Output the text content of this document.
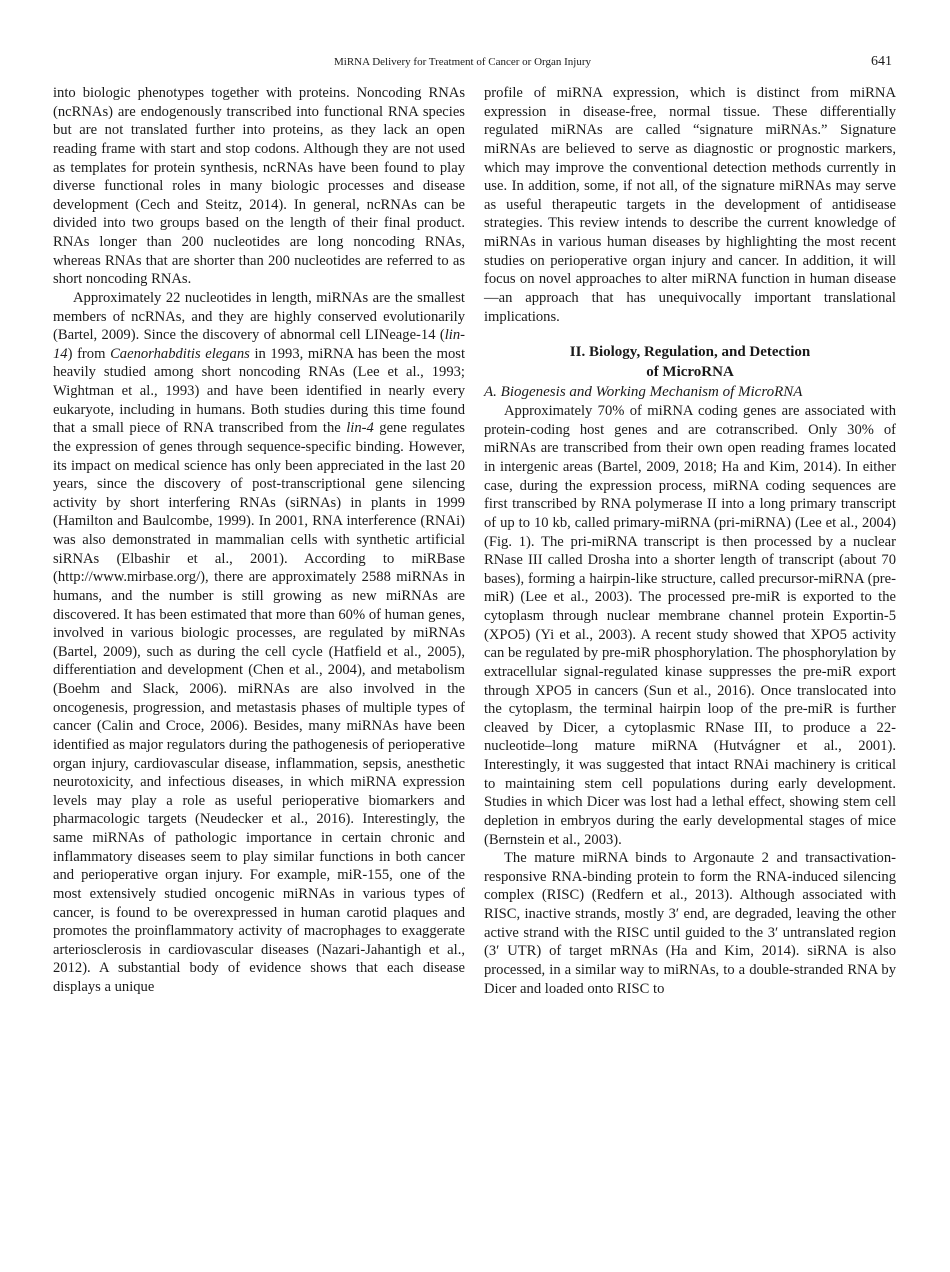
MiRNA Delivery for Treatment of Cancer or Organ Injury	641

into biologic phenotypes together with proteins. Noncoding RNAs (ncRNAs) are endogenously transcribed into functional RNA species but are not translated further into proteins, as they lack an open reading frame with start and stop codons. Although they are not used as templates for protein synthesis, ncRNAs have been found to play diverse functional roles in many biologic processes and disease development (Cech and Steitz, 2014). In general, ncRNAs can be divided into two groups based on the length of their final product. RNAs longer than 200 nucleotides are long noncoding RNAs, whereas RNAs that are shorter than 200 nucleotides are referred to as short noncoding RNAs.

Approximately 22 nucleotides in length, miRNAs are the smallest members of ncRNAs, and they are highly conserved evolutionarily (Bartel, 2009). Since the discovery of abnormal cell LINeage-14 (lin-14) from Caenorhabditis elegans in 1993, miRNA has been the most heavily studied among short noncoding RNAs (Lee et al., 1993; Wightman et al., 1993) and have been identified in nearly every eukaryote, including in humans. Both studies during this time found that a small piece of RNA transcribed from the lin-4 gene regulates the expression of genes through sequence-specific binding. However, its impact on medical science has only been appreciated in the last 20 years, since the discovery of post-transcriptional gene silencing activity by short interfering RNAs (siRNAs) in plants in 1999 (Hamilton and Baulcombe, 1999). In 2001, RNA interference (RNAi) was also demonstrated in mammalian cells with synthetic artificial siRNAs (Elbashir et al., 2001). According to miRBase (http://www.mirbase.org/), there are approximately 2588 miRNAs in humans, and the number is still growing as new miRNAs are discovered. It has been estimated that more than 60% of human genes, involved in various biologic processes, are regulated by miRNAs (Bartel, 2009), such as during the cell cycle (Hatfield et al., 2005), differentiation and development (Chen et al., 2004), and metabolism (Boehm and Slack, 2006). miRNAs are also involved in the oncogenesis, progression, and metastasis phases of multiple types of cancer (Calin and Croce, 2006). Besides, many miRNAs have been identified as major regulators during the pathogenesis of perioperative organ injury, cardiovascular disease, inflammation, sepsis, anesthetic neurotoxicity, and infectious diseases, in which miRNA expression levels may play a role as useful perioperative biomarkers and pharmacologic targets (Neudecker et al., 2016). Interestingly, the same miRNAs of pathologic importance in certain chronic and inflammatory diseases seem to play similar functions in both cancer and perioperative organ injury. For example, miR-155, one of the most extensively studied oncogenic miRNAs in various types of cancer, is found to be overexpressed in human carotid plaques and promotes the proinflammatory activity of macrophages to exaggerate arteriosclerosis in cardiovascular diseases (Nazari-Jahantigh et al., 2012). A substantial body of evidence shows that each disease displays a unique

profile of miRNA expression, which is distinct from miRNA expression in disease-free, normal tissue. These differentially regulated miRNAs are called “signature miRNAs.” Signature miRNAs are believed to serve as diagnostic or prognostic markers, which may improve the conventional detection methods currently in use. In addition, some, if not all, of the signature miRNAs may serve as useful therapeutic targets in the development of antidisease strategies. This review intends to describe the current knowledge of miRNAs in various human diseases by highlighting the most recent studies on perioperative organ injury and cancer. In addition, it will focus on novel approaches to alter miRNA function in human disease—an approach that has unequivocally important translational implications.

II. Biology, Regulation, and Detection
of MicroRNA

A. Biogenesis and Working Mechanism of MicroRNA

Approximately 70% of miRNA coding genes are associated with protein-coding host genes and are cotranscribed. Only 30% of miRNAs are transcribed from their own open reading frames located in intergenic areas (Bartel, 2009, 2018; Ha and Kim, 2014). In either case, during the expression process, miRNA coding sequences are first transcribed by RNA polymerase II into a long primary transcript of up to 10 kb, called primary-miRNA (pri-miRNA) (Lee et al., 2004) (Fig. 1). The pri-miRNA transcript is then processed by a nuclear RNase III called Drosha into a shorter length of transcript (about 70 bases), forming a hairpin-like structure, called precursor-miRNA (pre-miR) (Lee et al., 2003). The processed pre-miR is exported to the cytoplasm through nuclear membrane channel protein Exportin-5 (XPO5) (Yi et al., 2003). A recent study showed that XPO5 activity can be regulated by pre-miR phosphorylation. The phosphorylation by extracellular signal-regulated kinase suppresses the pre-miR export through XPO5 in cancers (Sun et al., 2016). Once translocated into the cytoplasm, the terminal hairpin loop of the pre-miR is further cleaved by Dicer, a cytoplasmic RNase III, to produce a 22-nucleotide–long mature miRNA (Hutvágner et al., 2001). Interestingly, it was suggested that intact RNAi machinery is critical to maintaining stem cell populations during early development. Studies in which Dicer was lost had a lethal effect, showing stem cell depletion in embryos during the early developmental stages of mice (Bernstein et al., 2003).

The mature miRNA binds to Argonaute 2 and transactivation-responsive RNA-binding protein to form the RNA-induced silencing complex (RISC) (Redfern et al., 2013). Although associated with RISC, inactive strands, mostly 3′ end, are degraded, leaving the other active strand with the RISC until guided to the 3′ untranslated region (3′ UTR) of target mRNAs (Ha and Kim, 2014). siRNA is also processed, in a similar way to miRNAs, to a double-stranded RNA by Dicer and loaded onto RISC to
